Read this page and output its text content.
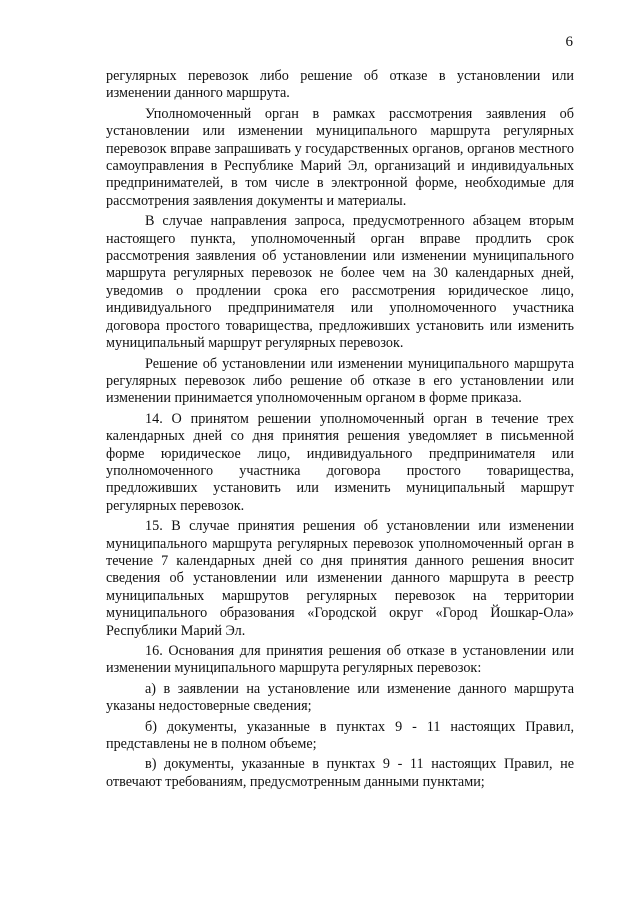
6

регулярных перевозок либо решение об отказе в установлении или изменении данного маршрута.

Уполномоченный орган в рамках рассмотрения заявления об установлении или изменении муниципального маршрута регулярных перевозок вправе запрашивать у государственных органов, органов местного самоуправления в Республике Марий Эл, организаций и индивидуальных предпринимателей, в том числе в электронной форме, необходимые для рассмотрения заявления документы и материалы.

В случае направления запроса, предусмотренного абзацем вторым настоящего пункта, уполномоченный орган вправе продлить срок рассмотрения заявления об установлении или изменении муниципального маршрута регулярных перевозок не более чем на 30 календарных дней, уведомив о продлении срока его рассмотрения юридическое лицо, индивидуального предпринимателя или уполномоченного участника договора простого товарищества, предложивших установить или изменить муниципальный маршрут регулярных перевозок.

Решение об установлении или изменении муниципального маршрута регулярных перевозок либо решение об отказе в его установлении или изменении принимается уполномоченным органом в форме приказа.

14. О принятом решении уполномоченный орган в течение трех календарных дней со дня принятия решения уведомляет в письменной форме юридическое лицо, индивидуального предпринимателя или уполномоченного участника договора простого товарищества, предложивших установить или изменить муниципальный маршрут регулярных перевозок.

15. В случае принятия решения об установлении или изменении муниципального маршрута регулярных перевозок уполномоченный орган в течение 7 календарных дней со дня принятия данного решения вносит сведения об установлении или изменении данного маршрута в реестр муниципальных маршрутов регулярных перевозок на территории муниципального образования «Городской округ «Город Йошкар-Ола» Республики Марий Эл.

16. Основания для принятия решения об отказе в установлении или изменении муниципального маршрута регулярных перевозок:

а) в заявлении на установление или изменение данного маршрута указаны недостоверные сведения;

б) документы, указанные в пунктах 9 - 11 настоящих Правил, представлены не в полном объеме;

в) документы, указанные в пунктах 9 - 11 настоящих Правил, не отвечают требованиям, предусмотренным данными пунктами;
